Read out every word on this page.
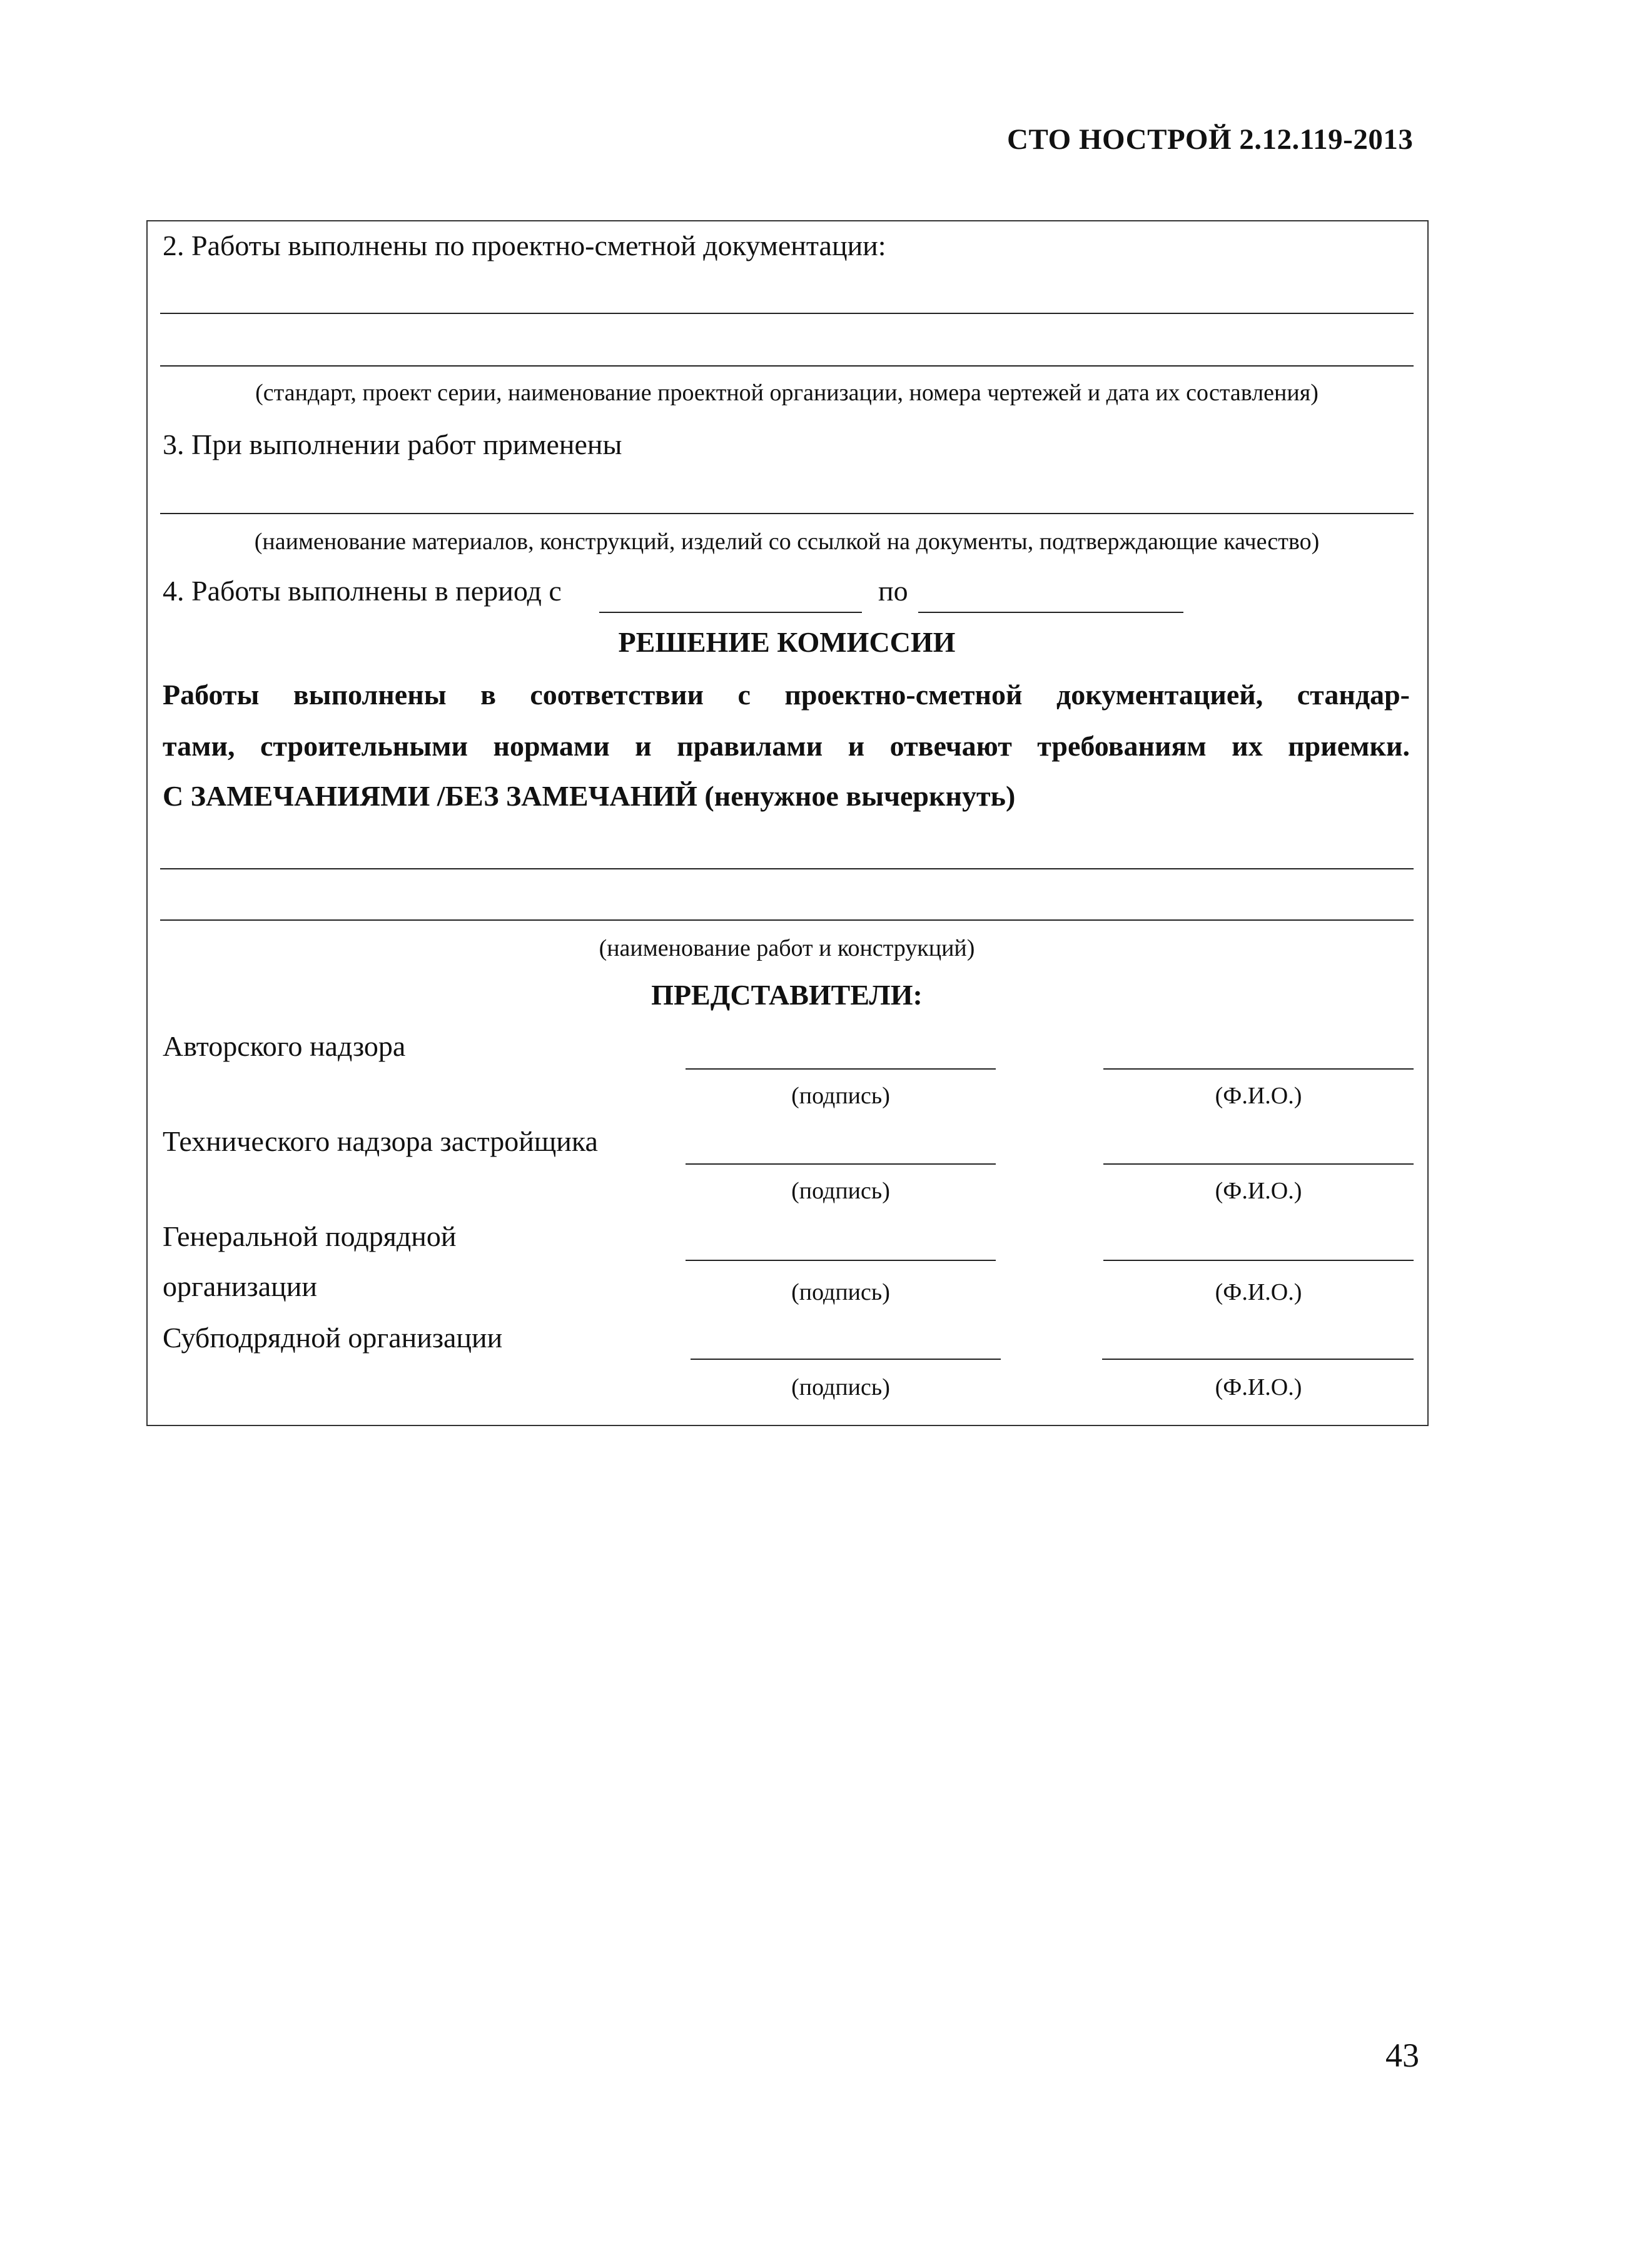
СТО НОСТРОЙ 2.12.119-2013
2. Работы выполнены по проектно-сметной документации:
(стандарт, проект серии, наименование проектной организации, номера чертежей и дата их составления)
3. При выполнении работ применены
(наименование материалов, конструкций, изделий со ссылкой на документы, подтверждающие качество)
4. Работы выполнены в период с	по
РЕШЕНИЕ КОМИССИИ
Работы выполнены в соответствии с проектно-сметной документацией, стандар-
тами, строительными нормами и правилами и отвечают требованиям их приемки.
С ЗАМЕЧАНИЯМИ /БЕЗ ЗАМЕЧАНИЙ (ненужное вычеркнуть)
(наименование работ и конструкций)
ПРЕДСТАВИТЕЛИ:
Авторского надзора
(подпись)	(Ф.И.О.)
Технического надзора застройщика
(подпись)	(Ф.И.О.)
Генеральной подрядной
организации	(подпись)	(Ф.И.О.)
Субподрядной организации
(подпись)	(Ф.И.О.)
43
